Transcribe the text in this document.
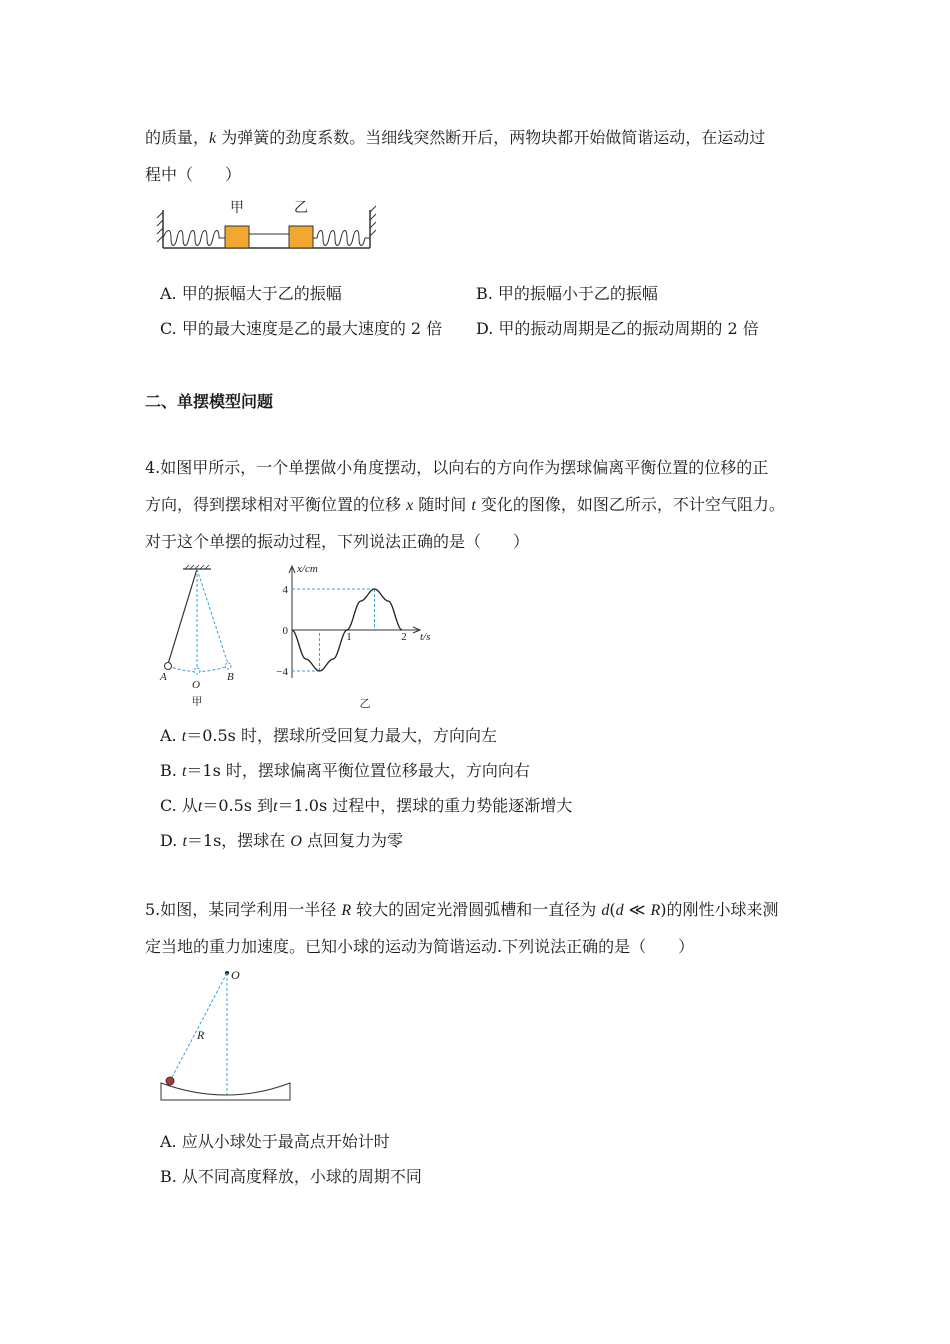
的质量，k 为弹簧的劲度系数。当细线突然断开后，两物块都开始做简谐运动，在运动过
程中（　　）
甲	乙
A. 甲的振幅大于乙的振幅	B. 甲的振幅小于乙的振幅
C. 甲的最大速度是乙的最大速度的 2 倍 D. 甲的振动周期是乙的振动周期的 2 倍
二、单摆模型问题
4.如图甲所示，一个单摆做小角度摆动，以向右的方向作为摆球偏离平衡位置的位移的正
方向，得到摆球相对平衡位置的位移 x 随时间 t 变化的图像，如图乙所示，不计空气阻力。
对于这个单摆的振动过程，下列说法正确的是（　　）
A
O
B
甲
x/cm
t/s
4
0
−4
1	2
乙
A. t＝0.5s 时，摆球所受回复力最大，方向向左
B. t＝1s 时，摆球偏离平衡位置位移最大，方向向右
C. 从t＝0.5s 到t＝1.0s 过程中，摆球的重力势能逐渐增大
D. t＝1s，摆球在 O 点回复力为零
5.如图，某同学利用一半径 R 较大的固定光滑圆弧槽和一直径为 d(d ≪ R)的刚性小球来测
定当地的重力加速度。已知小球的运动为简谐运动.下列说法正确的是（　　）
O
R
A. 应从小球处于最高点开始计时
B. 从不同高度释放，小球的周期不同
